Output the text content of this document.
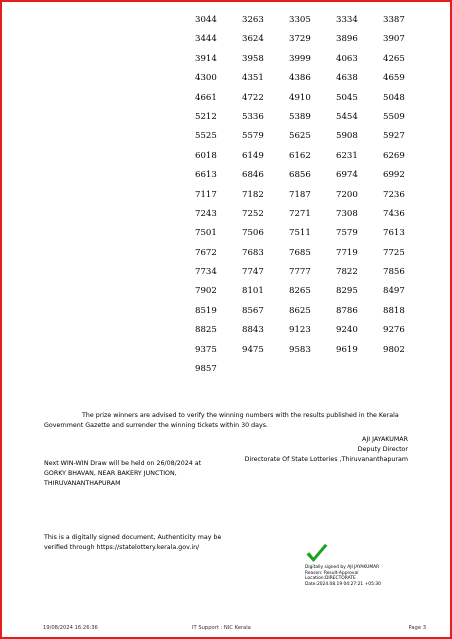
3044	3263	3305	3334	3387
3444	3624	3729	3896	3907
3914	3958	3999	4063	4265
4300	4351	4386	4638	4659
4661	4722	4910	5045	5048
5212	5336	5389	5454	5509
5525	5579	5625	5908	5927
6018	6149	6162	6231	6269
6613	6846	6856	6974	6992
7117	7182	7187	7200	7236
7243	7252	7271	7308	7436
7501	7506	7511	7579	7613
7672	7683	7685	7719	7725
7734	7747	7777	7822	7856
7902	8101	8265	8295	8497
8519	8567	8625	8786	8818
8825	8843	9123	9240	9276
9375	9475	9583	9619	9802
9857
The prize winners are advised to verify the winning numbers with the results published in the Kerala
Government Gazette and surrender the winning tickets within 30 days.
AJI JAYAKUMAR
Deputy Director
Directorate Of State Lotteries ,Thiruvananthapuram
Next WIN-WIN Draw will be held on 26/08/2024 at
GORKY BHAVAN, NEAR BAKERY JUNCTION,
THIRUVANANTHAPURAM
This is a digitally signed document, Authenticity may be
verified through https://statelottery.kerala.gov.in/
Digitally signed by AJI JAYAKUMAR
Reason: Result-Approval
Location:DIRECTORATE
Date:2024.08.19 04:27:21 +05:30
19/08/2024 16:26:36	IT Support : NIC Kerala	Page 3
